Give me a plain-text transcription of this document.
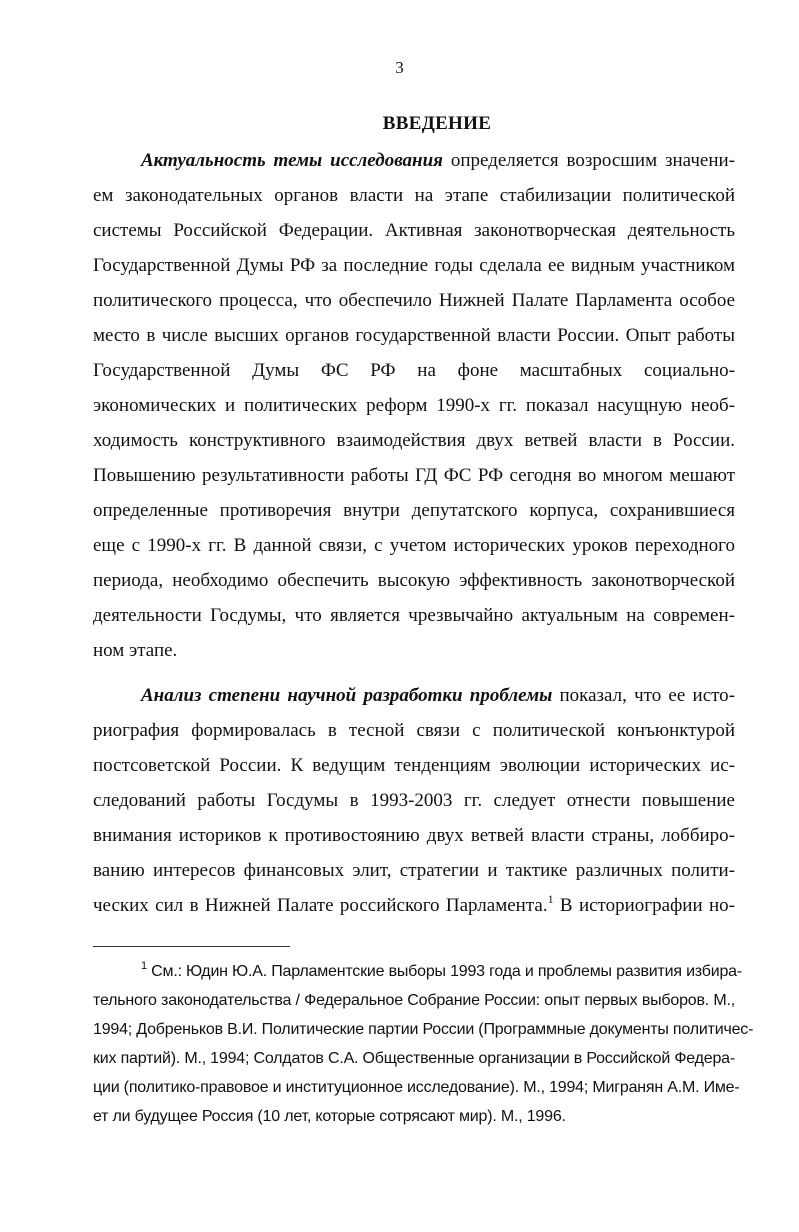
3
ВВЕДЕНИЕ
Актуальность темы исследования определяется возросшим значени-
ем законодательных органов власти на этапе стабилизации политической
системы Российской Федерации. Активная законотворческая деятельность
Государственной Думы РФ за последние годы сделала ее видным участником
политического процесса, что обеспечило Нижней Палате Парламента особое
место в числе высших органов государственной власти России. Опыт работы
Государственной Думы ФС РФ на фоне масштабных социально-
экономических и политических реформ 1990-х гг. показал насущную необ-
ходимость конструктивного взаимодействия двух ветвей власти в России.
Повышению результативности работы ГД ФС РФ сегодня во многом мешают
определенные противоречия внутри депутатского корпуса, сохранившиеся
еще с 1990-х гг. В данной связи, с учетом исторических уроков переходного
периода, необходимо обеспечить высокую эффективность законотворческой
деятельности Госдумы, что является чрезвычайно актуальным на современ-
ном этапе.
Анализ степени научной разработки проблемы показал, что ее исто-
риография формировалась в тесной связи с политической конъюнктурой
постсоветской России. К ведущим тенденциям эволюции исторических ис-
следований работы Госдумы в 1993-2003 гг. следует отнести повышение
внимания историков к противостоянию двух ветвей власти страны, лоббиро-
ванию интересов финансовых элит, стратегии и тактике различных полити-
ческих сил в Нижней Палате российского Парламента.$^1$ В историографии но-
$^1$ См.: Юдин Ю.А. Парламентские выборы 1993 года и проблемы развития избира-
тельного законодательства / Федеральное Собрание России: опыт первых выборов. М.,
1994; Добреньков В.И. Политические партии России (Программные документы политичес-
ких партий). М., 1994; Солдатов С.А. Общественные организации в Российской Федера-
ции (политико-правовое и институционное исследование). М., 1994; Мигранян А.М. Име-
ет ли будущее Россия (10 лет, которые сотрясают мир). М., 1996.
